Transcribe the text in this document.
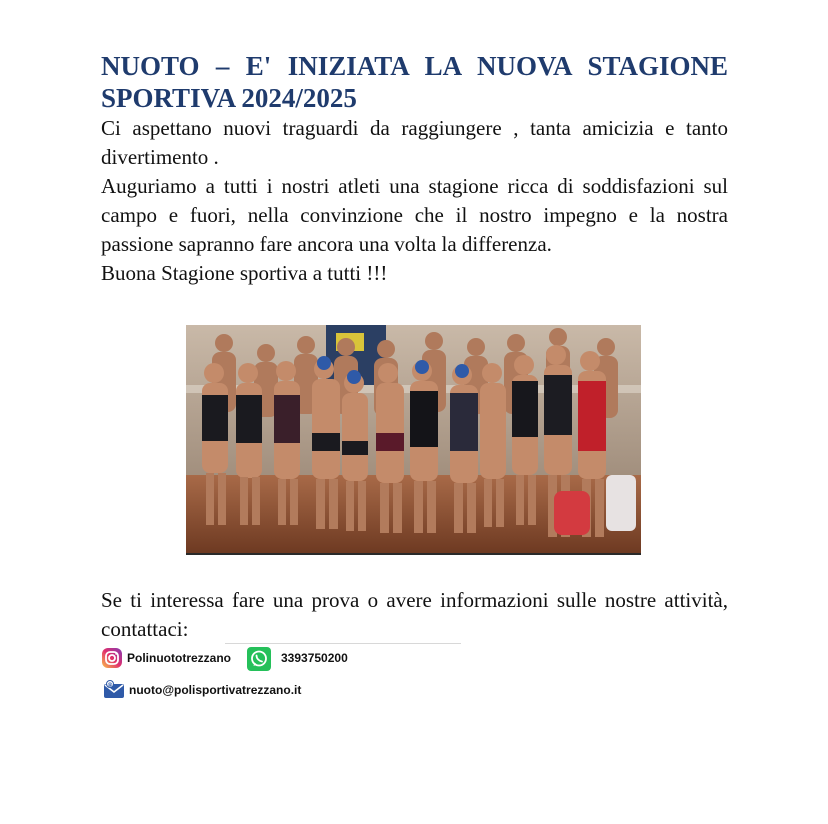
NUOTO – E' INIZIATA LA NUOVA STAGIONE SPORTIVA 2024/2025

Ci aspettano nuovi traguardi da raggiungere , tanta amicizia e tanto divertimento .

Auguriamo a tutti i nostri atleti una stagione ricca di soddisfazioni sul campo e fuori, nella convinzione che il nostro impegno e la nostra passione sapranno fare ancora una volta la differenza.

Buona Stagione sportiva a tutti !!!

Se ti interessa fare una prova o avere informazioni sulle nostre attività, contattaci:

Polinuototrezzano	3393750200
@ nuoto@polisportivatrezzano.it
